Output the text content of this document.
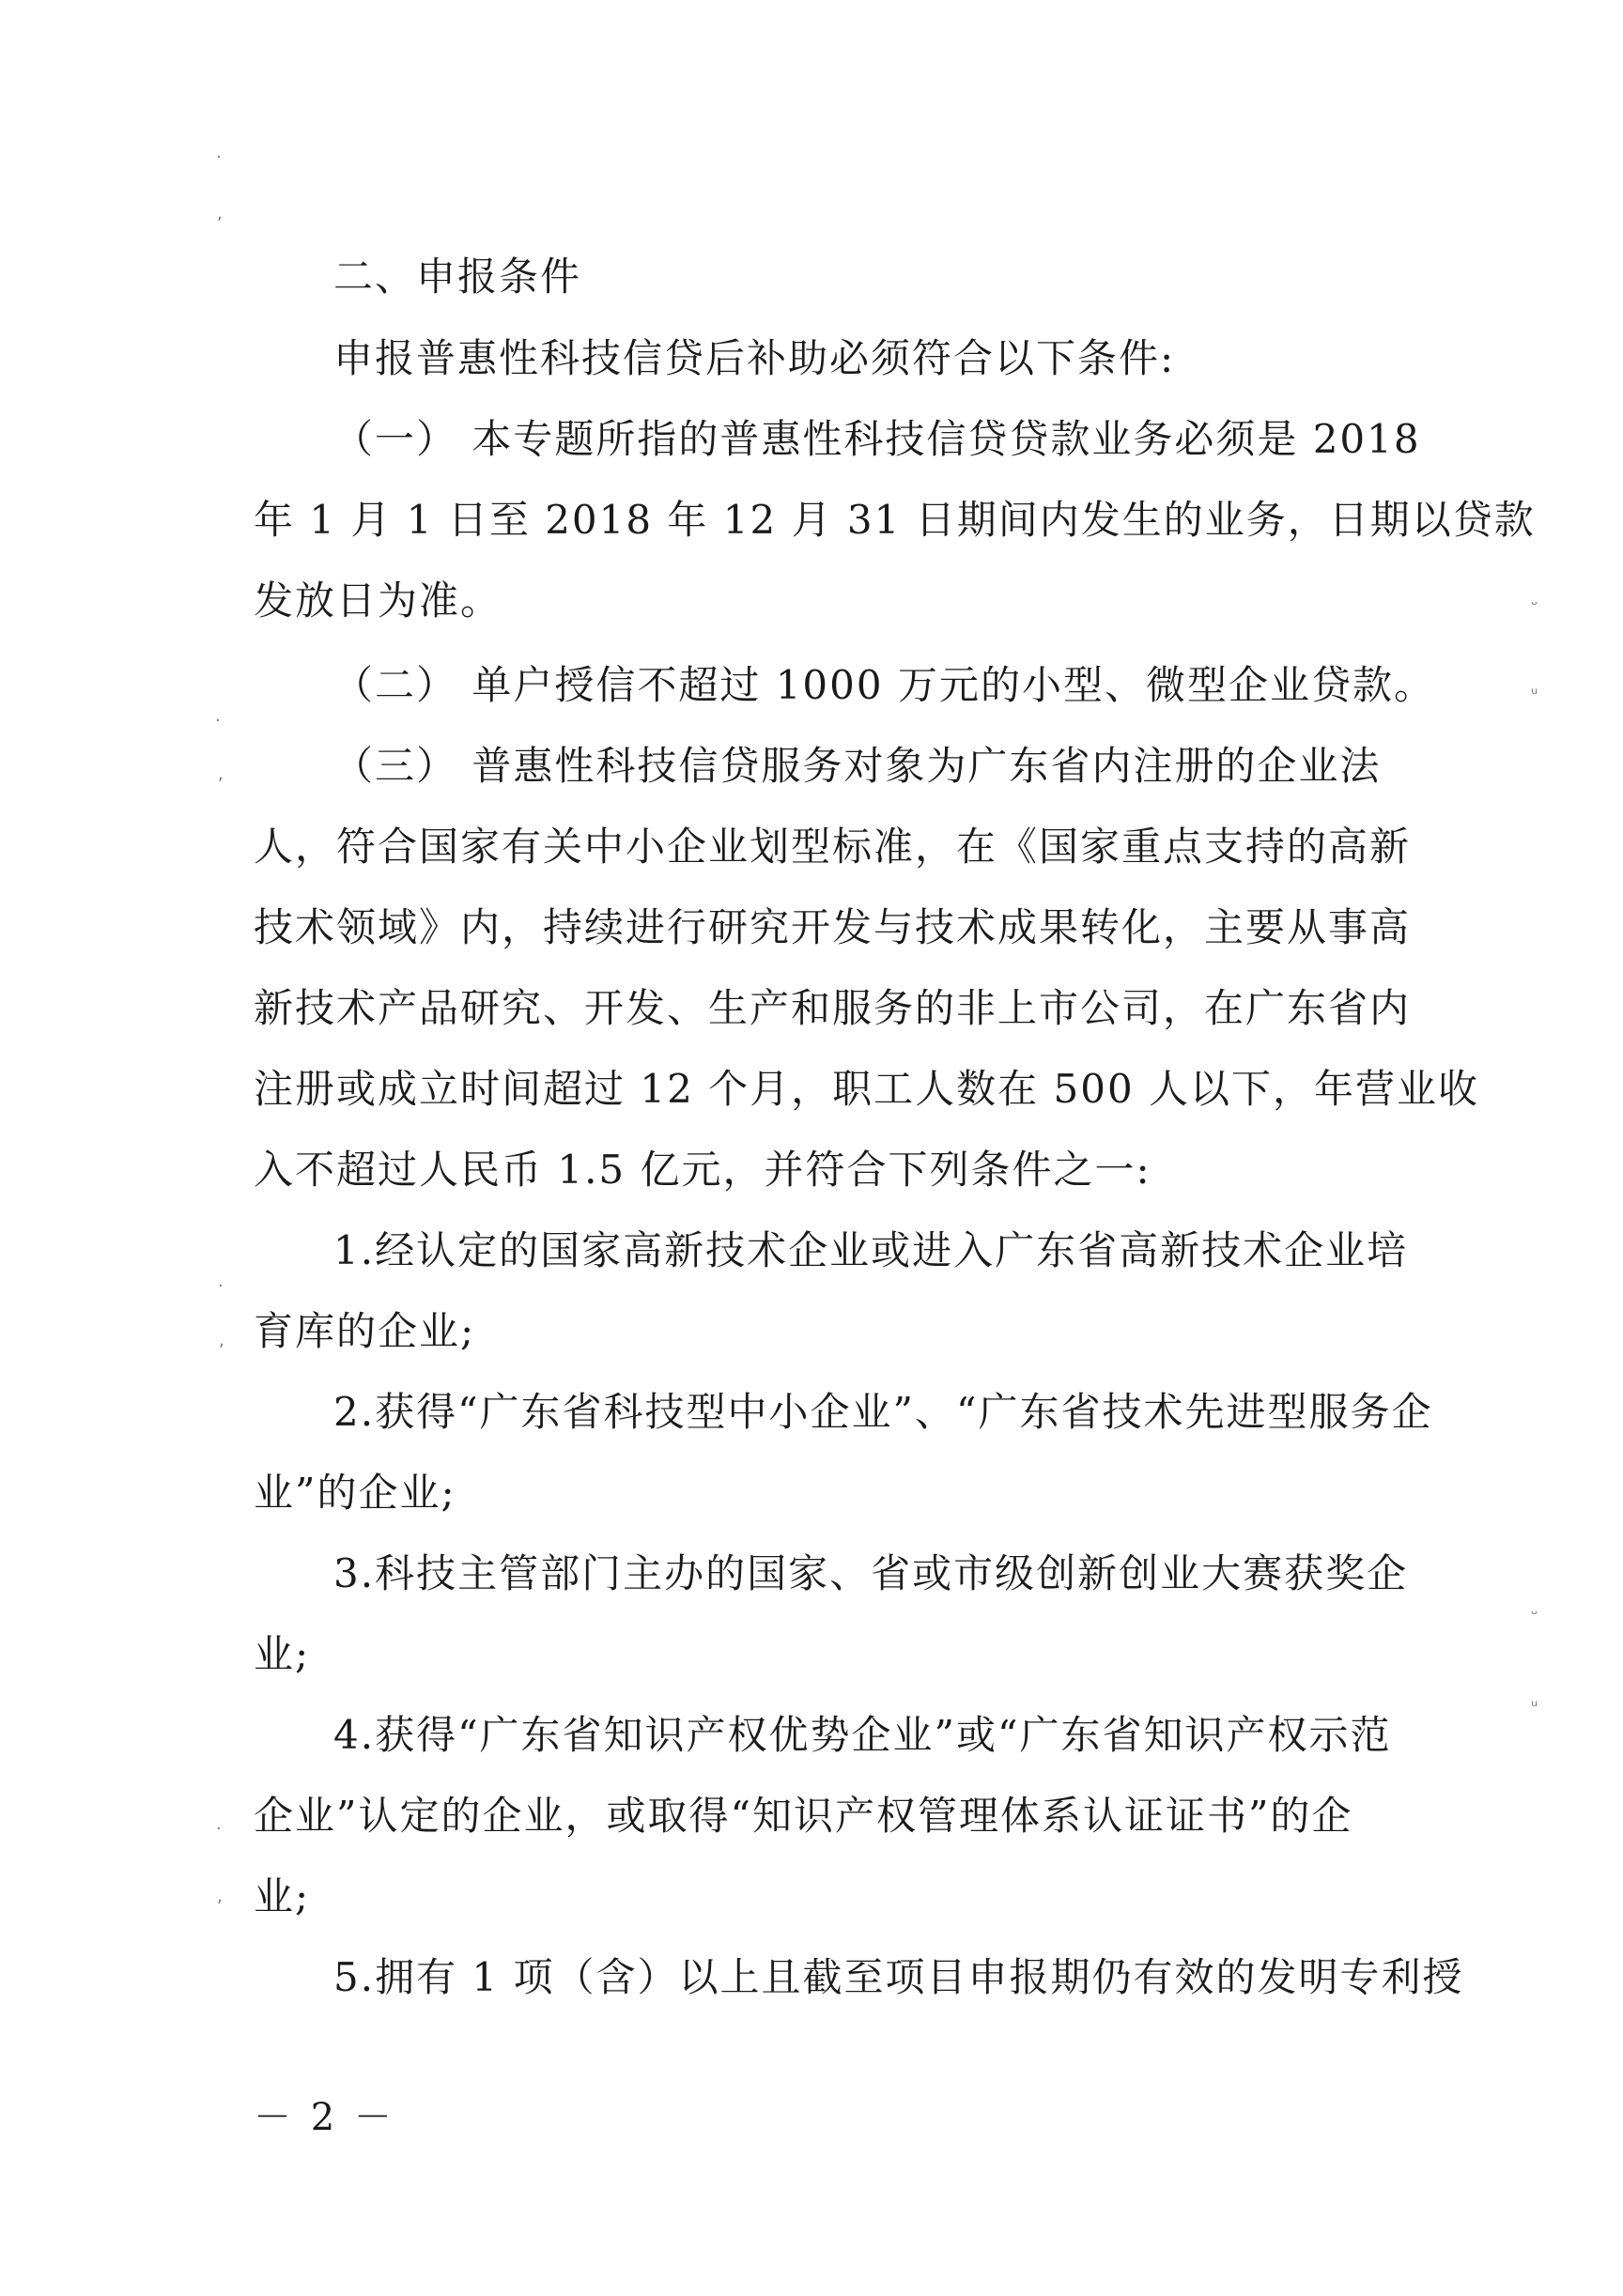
二、申报条件
申报普惠性科技信贷后补助必须符合以下条件:
（一） 本专题所指的普惠性科技信贷贷款业务必须是 2018
年 1 月 1 日至 2018 年 12 月 31 日期间内发生的业务，日期以贷款
发放日为准。
（二） 单户授信不超过 1000 万元的小型、微型企业贷款。
（三） 普惠性科技信贷服务对象为广东省内注册的企业法
人，符合国家有关中小企业划型标准，在《国家重点支持的高新
技术领域》内，持续进行研究开发与技术成果转化，主要从事高
新技术产品研究、开发、生产和服务的非上市公司，在广东省内
注册或成立时间超过 12 个月，职工人数在 500 人以下，年营业收
入不超过人民币 1.5 亿元，并符合下列条件之一:
1.经认定的国家高新技术企业或进入广东省高新技术企业培
育库的企业;
2.获得“广东省科技型中小企业”、“广东省技术先进型服务企
业”的企业;
3.科技主管部门主办的国家、省或市级创新创业大赛获奖企
业;
4.获得“广东省知识产权优势企业”或“广东省知识产权示范
企业”认定的企业，或取得“知识产权管理体系认证证书”的企
业;
5.拥有 1 项（含）以上且截至项目申报期仍有效的发明专利授
－ 2 －
·
,
ᵕ
ᵘ
·
,
·
,
ᵕ
ᵤ
·
,
